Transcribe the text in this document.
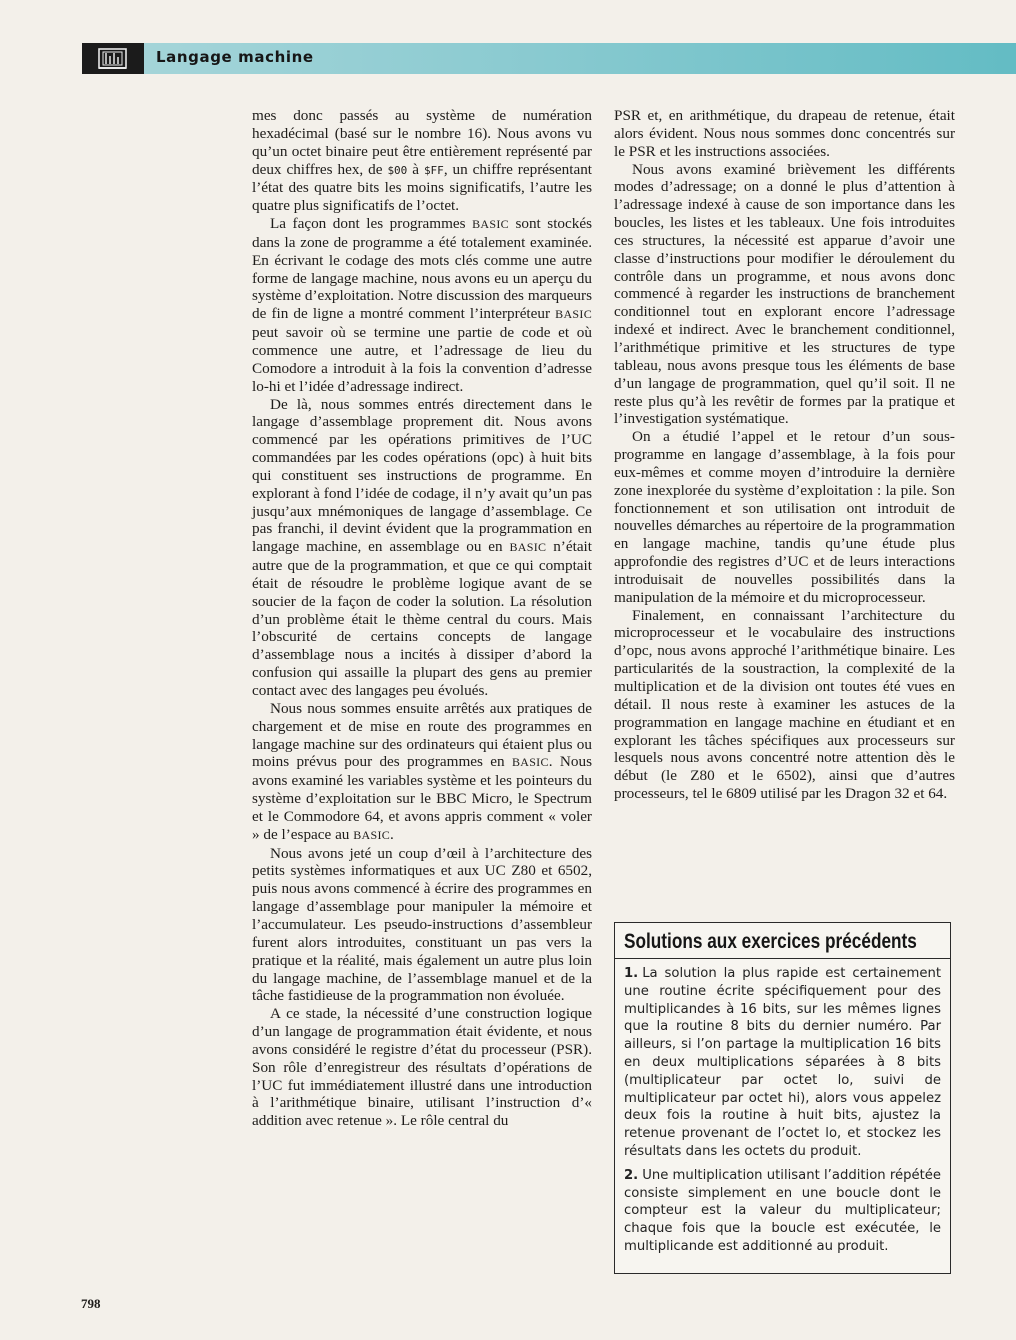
Langage machine

mes donc passés au système de numération hexadécimal (basé sur le nombre 16). Nous avons vu qu’un octet binaire peut être entièrement représenté par deux chiffres hex, de $00 à $FF, un chiffre représentant l’état des quatre bits les moins significatifs, l’autre les quatre plus significatifs de l’octet.

La façon dont les programmes BASIC sont stockés dans la zone de programme a été totalement examinée. En écrivant le codage des mots clés comme une autre forme de langage machine, nous avons eu un aperçu du système d’exploitation. Notre discussion des marqueurs de fin de ligne a montré comment l’interpréteur BASIC peut savoir où se termine une partie de code et où commence une autre, et l’adressage de lieu du Comodore a introduit à la fois la convention d’adresse lo-hi et l’idée d’adressage indirect.

De là, nous sommes entrés directement dans le langage d’assemblage proprement dit. Nous avons commencé par les opérations primitives de l’UC commandées par les codes opérations (opc) à huit bits qui constituent ses instructions de programme. En explorant à fond l’idée de codage, il n’y avait qu’un pas jusqu’aux mnémoniques de langage d’assemblage. Ce pas franchi, il devint évident que la programmation en langage machine, en assemblage ou en BASIC n’était autre que de la programmation, et que ce qui comptait était de résoudre le problème logique avant de se soucier de la façon de coder la solution. La résolution d’un problème était le thème central du cours. Mais l’obscurité de certains concepts de langage d’assemblage nous a incités à dissiper d’abord la confusion qui assaille la plupart des gens au premier contact avec des langages peu évolués.

Nous nous sommes ensuite arrêtés aux pratiques de chargement et de mise en route des programmes en langage machine sur des ordinateurs qui étaient plus ou moins prévus pour des programmes en BASIC. Nous avons examiné les variables système et les pointeurs du système d’exploitation sur le BBC Micro, le Spectrum et le Commodore 64, et avons appris comment « voler » de l’espace au BASIC.

Nous avons jeté un coup d’œil à l’architecture des petits systèmes informatiques et aux UC Z80 et 6502, puis nous avons commencé à écrire des programmes en langage d’assemblage pour manipuler la mémoire et l’accumulateur. Les pseudo-instructions d’assembleur furent alors introduites, constituant un pas vers la pratique et la réalité, mais également un autre plus loin du langage machine, de l’assemblage manuel et de la tâche fastidieuse de la programmation non évoluée.

A ce stade, la nécessité d’une construction logique d’un langage de programmation était évidente, et nous avons considéré le registre d’état du processeur (PSR). Son rôle d’enregistreur des résultats d’opérations de l’UC fut immédiatement illustré dans une introduction à l’arithmétique binaire, utilisant l’instruction d’« addition avec retenue ». Le rôle central du

PSR et, en arithmétique, du drapeau de retenue, était alors évident. Nous nous sommes donc concentrés sur le PSR et les instructions associées.

Nous avons examiné brièvement les différents modes d’adressage; on a donné le plus d’attention à l’adressage indexé à cause de son importance dans les boucles, les listes et les tableaux. Une fois introduites ces structures, la nécessité est apparue d’avoir une classe d’instructions pour modifier le déroulement du contrôle dans un programme, et nous avons donc commencé à regarder les instructions de branchement conditionnel tout en explorant encore l’adressage indexé et indirect. Avec le branchement conditionnel, l’arithmétique primitive et les structures de type tableau, nous avons presque tous les éléments de base d’un langage de programmation, quel qu’il soit. Il ne reste plus qu’à les revêtir de formes par la pratique et l’investigation systématique.

On a étudié l’appel et le retour d’un sous-programme en langage d’assemblage, à la fois pour eux-mêmes et comme moyen d’introduire la dernière zone inexplorée du système d’exploitation : la pile. Son fonctionnement et son utilisation ont introduit de nouvelles démarches au répertoire de la programmation en langage machine, tandis qu’une étude plus approfondie des registres d’UC et de leurs interactions introduisait de nouvelles possibilités dans la manipulation de la mémoire et du microprocesseur.

Finalement, en connaissant l’architecture du microprocesseur et le vocabulaire des instructions d’opc, nous avons approché l’arithmétique binaire. Les particularités de la soustraction, la complexité de la multiplication et de la division ont toutes été vues en détail. Il nous reste à examiner les astuces de la programmation en langage machine en étudiant et en explorant les tâches spécifiques aux processeurs sur lesquels nous avons concentré notre attention dès le début (le Z80 et le 6502), ainsi que d’autres processeurs, tel le 6809 utilisé par les Dragon 32 et 64.

Solutions aux exercices précédents

1. La solution la plus rapide est certainement une routine écrite spécifiquement pour des multiplicandes à 16 bits, sur les mêmes lignes que la routine 8 bits du dernier numéro. Par ailleurs, si l’on partage la multiplication 16 bits en deux multiplications séparées à 8 bits (multiplicateur par octet lo, suivi de multiplicateur par octet hi), alors vous appelez deux fois la routine à huit bits, ajustez la retenue provenant de l’octet lo, et stockez les résultats dans les octets du produit.

2. Une multiplication utilisant l’addition répétée consiste simplement en une boucle dont le compteur est la valeur du multiplicateur; chaque fois que la boucle est exécutée, le multiplicande est additionné au produit.

798
